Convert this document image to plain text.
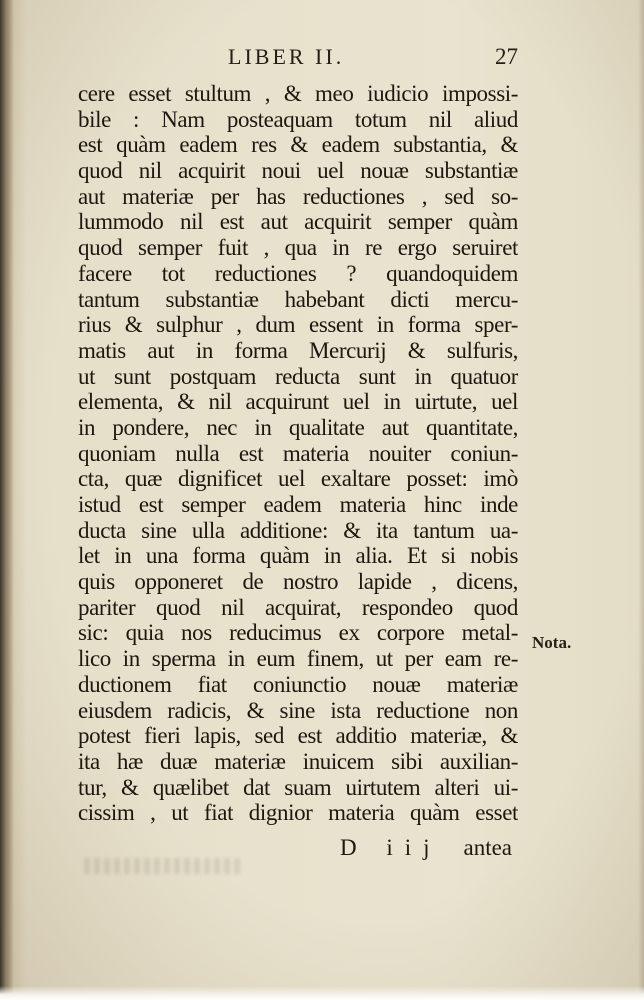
LIBER II.	27
cere esset stultum , & meo iudicio impossi-
bile : Nam posteaquam totum nil aliud
est quàm eadem res & eadem substantia, &
quod nil acquirit noui uel nouæ substantiæ
aut materiæ per has reductiones , sed so-
lummodo nil est aut acquirit semper quàm
quod semper fuit , qua in re ergo seruiret
facere tot reductiones ? quandoquidem
tantum substantiæ habebant dicti mercu-
rius & sulphur , dum essent in forma sper-
matis aut in forma Mercurij & sulfuris,
ut sunt postquam reducta sunt in quatuor
elementa, & nil acquirunt uel in uirtute, uel
in pondere, nec in qualitate aut quantitate,
quoniam nulla est materia nouiter coniun-
cta, quæ dignificet uel exaltare posset: imò
istud est semper eadem materia hinc inde
ducta sine ulla additione: & ita tantum ua-
let in una forma quàm in alia. Et si nobis
quis opponeret de nostro lapide , dicens,
pariter quod nil acquirat, respondeo quod
sic: quia nos reducimus ex corpore metal-
lico in sperma in eum finem, ut per eam re-
ductionem fiat coniunctio nouæ materiæ
eiusdem radicis, & sine ista reductione non
potest fieri lapis, sed est additio materiæ, &
ita hæ duæ materiæ inuicem sibi auxilian-
tur, & quælibet dat suam uirtutem alteri ui-
cissim , ut fiat dignior materia quàm esset
Nota.
D iij antea
